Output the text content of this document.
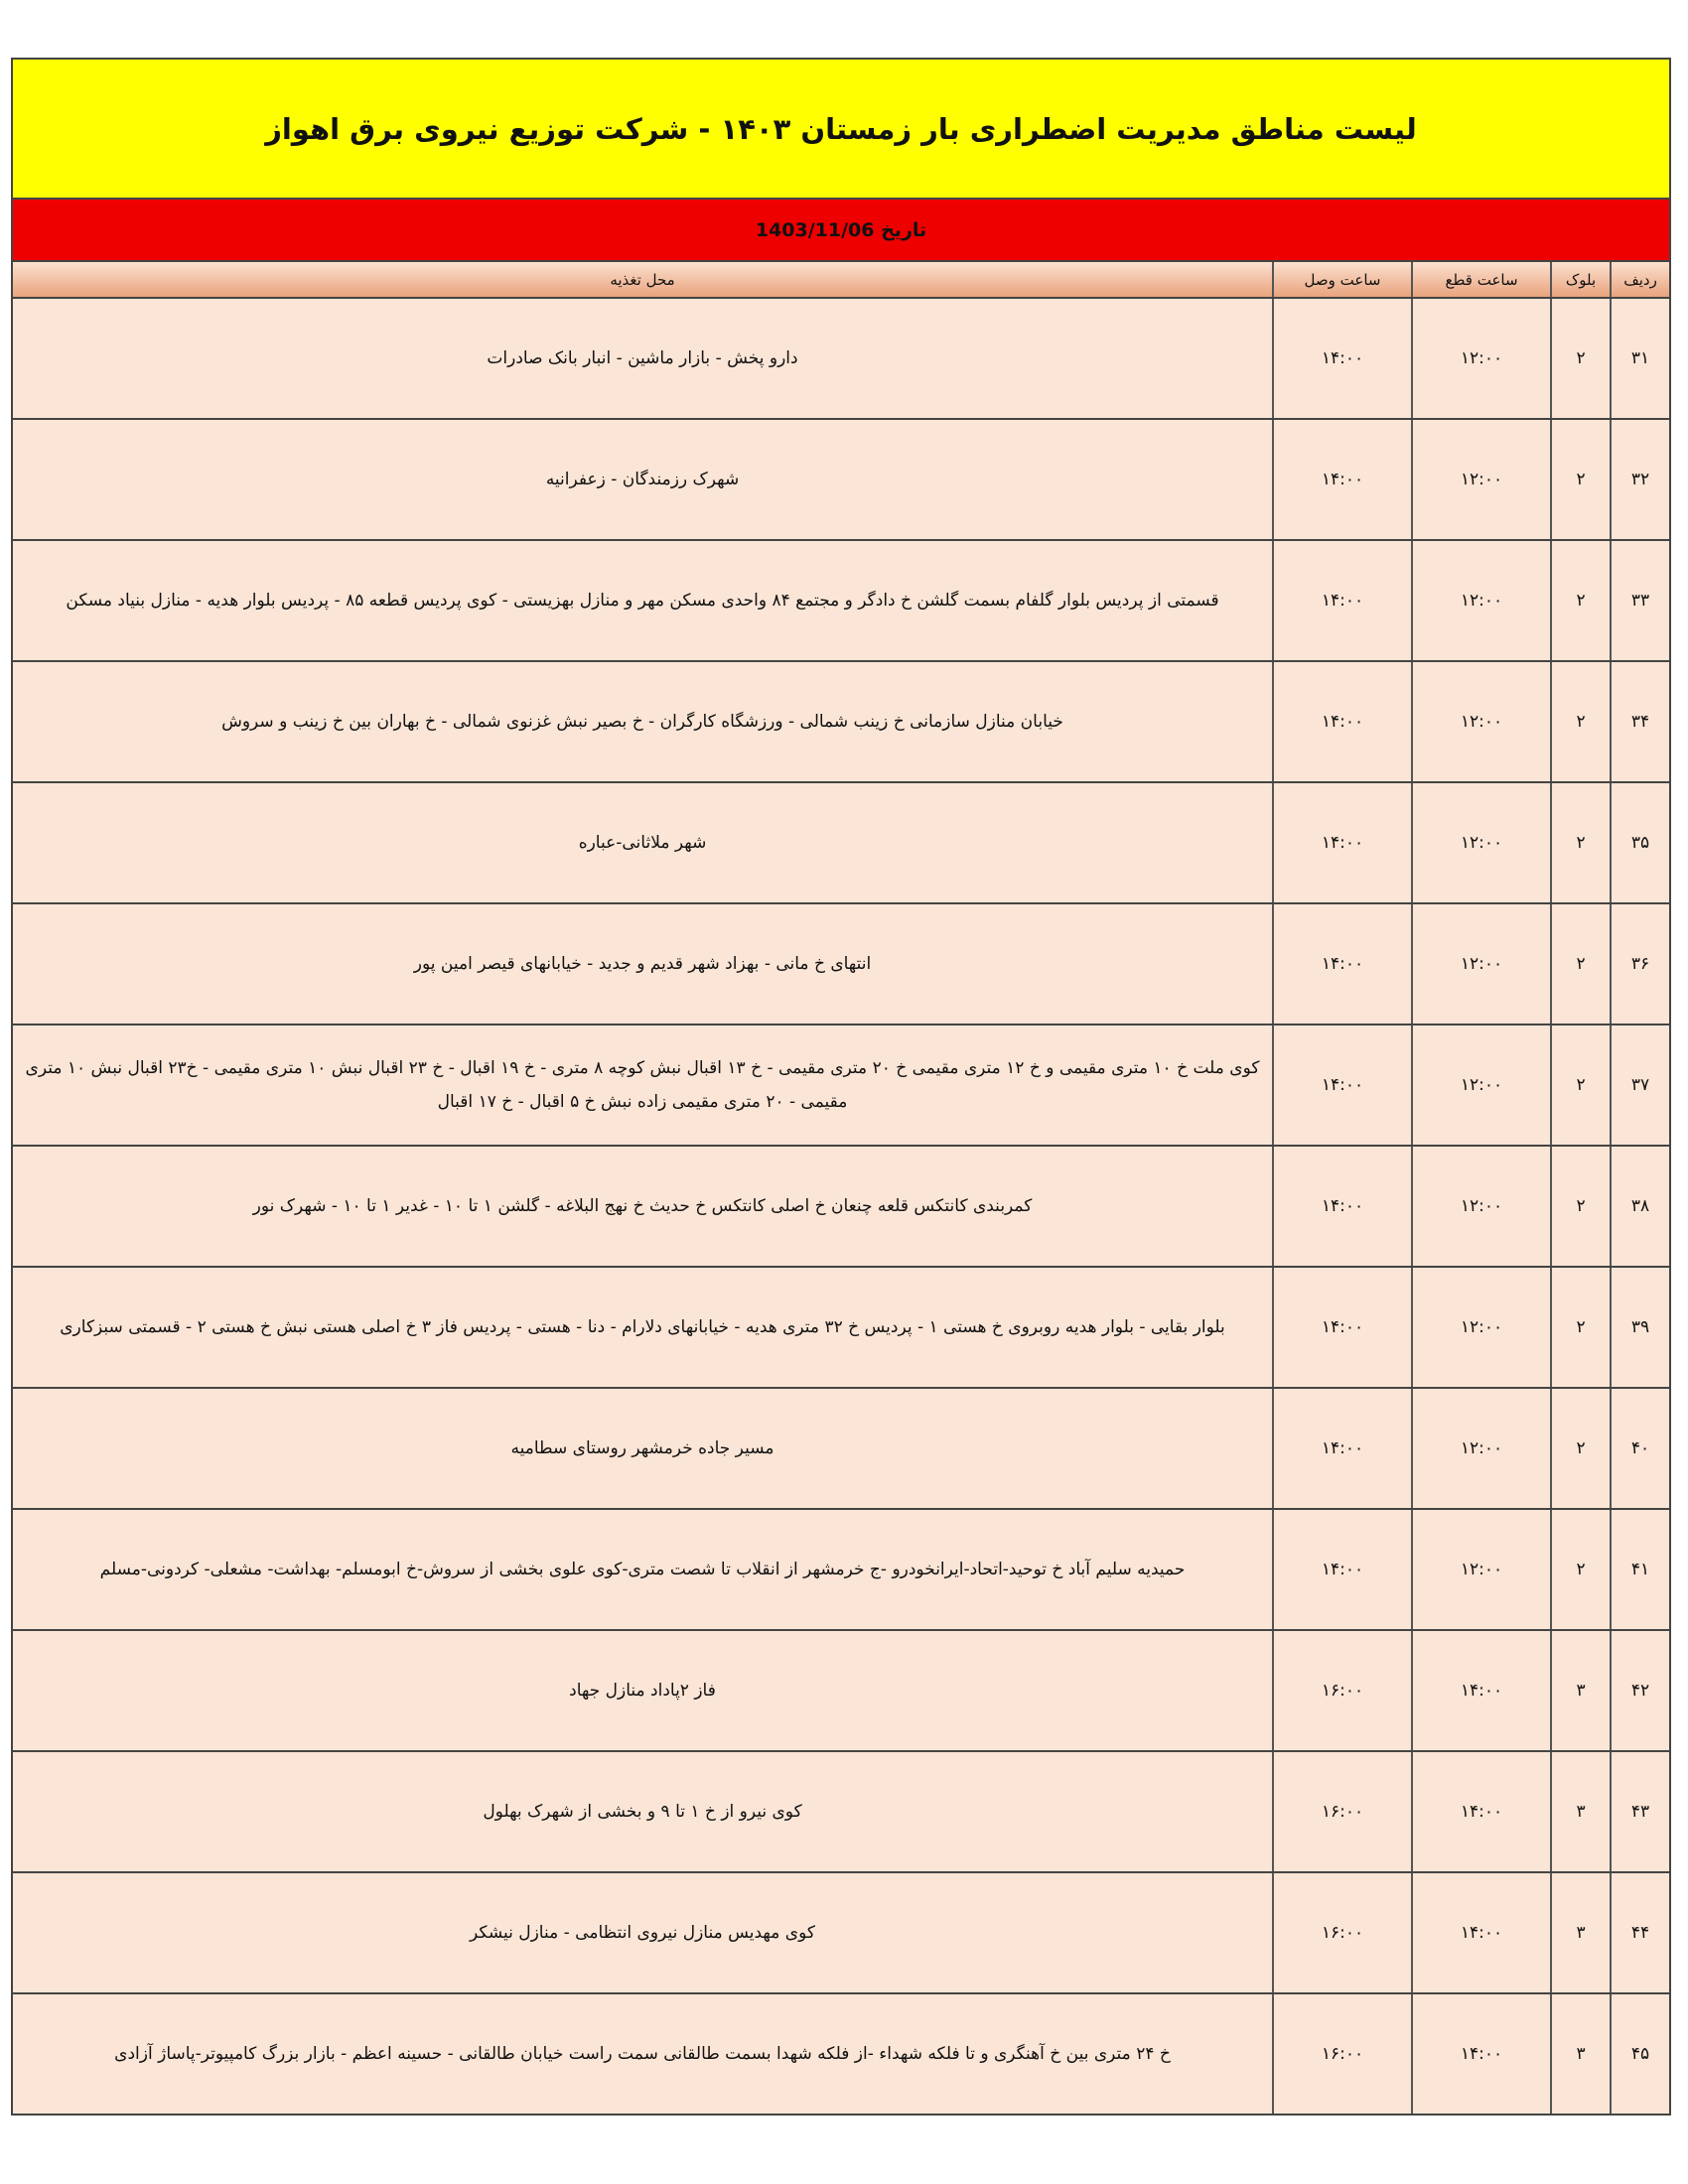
لیست مناطق مدیریت اضطراری بار زمستان ۱۴۰۳ - شرکت توزیع نیروی برق اهواز
تاریخ 1403/11/06
ردیف
بلوک
ساعت قطع
ساعت وصل
محل تغذیه
۳۱
۲
۱۲:۰۰
۱۴:۰۰
دارو پخش - بازار ماشین - انبار بانک صادرات
۳۲
۲
۱۲:۰۰
۱۴:۰۰
شهرک رزمندگان - زعفرانیه
۳۳
۲
۱۲:۰۰
۱۴:۰۰
قسمتی از پردیس بلوار گلفام بسمت گلشن خ دادگر و مجتمع ۸۴ واحدی مسکن مهر و منازل بهزیستی - کوی پردیس قطعه ۸۵ - پردیس بلوار هدیه - منازل بنیاد مسکن
۳۴
۲
۱۲:۰۰
۱۴:۰۰
خیابان منازل سازمانی خ زینب شمالی - ورزشگاه کارگران - خ بصیر نبش غزنوی شمالی - خ بهاران بین خ زینب و سروش
۳۵
۲
۱۲:۰۰
۱۴:۰۰
شهر ملاثانی-عباره
۳۶
۲
۱۲:۰۰
۱۴:۰۰
انتهای خ مانی - بهزاد شهر قدیم و جدید - خیابانهای قیصر امین پور
۳۷
۲
۱۲:۰۰
۱۴:۰۰
کوی ملت خ ۱۰ متری مقیمی و خ ۱۲ متری مقیمی خ ۲۰ متری مقیمی - خ ۱۳ اقبال نبش کوچه ۸ متری - خ ۱۹ اقبال - خ ۲۳ اقبال نبش ۱۰ متری مقیمی - خ۲۳ اقبال نبش ۱۰ متری مقیمی - ۲۰ متری مقیمی زاده نبش خ ۵ اقبال - خ ۱۷ اقبال
۳۸
۲
۱۲:۰۰
۱۴:۰۰
کمربندی کانتکس قلعه چنعان خ اصلی کانتکس خ حدیث خ نهج البلاغه - گلشن ۱ تا ۱۰ - غدیر ۱ تا ۱۰ - شهرک نور
۳۹
۲
۱۲:۰۰
۱۴:۰۰
بلوار بقایی - بلوار هدیه روبروی خ هستی ۱ - پردیس خ ۳۲ متری هدیه - خیابانهای دلارام - دنا - هستی - پردیس فاز ۳ خ اصلی هستی نبش خ هستی ۲ - قسمتی سبزکاری
۴۰
۲
۱۲:۰۰
۱۴:۰۰
مسیر جاده خرمشهر روستای سطامیه
۴۱
۲
۱۲:۰۰
۱۴:۰۰
حمیدیه سلیم آباد خ توحید-اتحاد-ایرانخودرو -ج خرمشهر از انقلاب تا شصت متری-کوی علوی بخشی از سروش-خ ابومسلم- بهداشت- مشعلی- کردونی-مسلم
۴۲
۳
۱۴:۰۰
۱۶:۰۰
فاز ۲پاداد منازل جهاد
۴۳
۳
۱۴:۰۰
۱۶:۰۰
کوی نیرو از خ ۱ تا ۹ و بخشی از شهرک بهلول
۴۴
۳
۱۴:۰۰
۱۶:۰۰
کوی مهدیس منازل نیروی انتظامی - منازل نیشکر
۴۵
۳
۱۴:۰۰
۱۶:۰۰
خ ۲۴ متری بین خ آهنگری و تا فلکه شهداء -از فلکه شهدا بسمت طالقانی سمت راست خیابان طالقانی - حسینه اعظم - بازار بزرگ کامپیوتر-پاساژ آزادی
